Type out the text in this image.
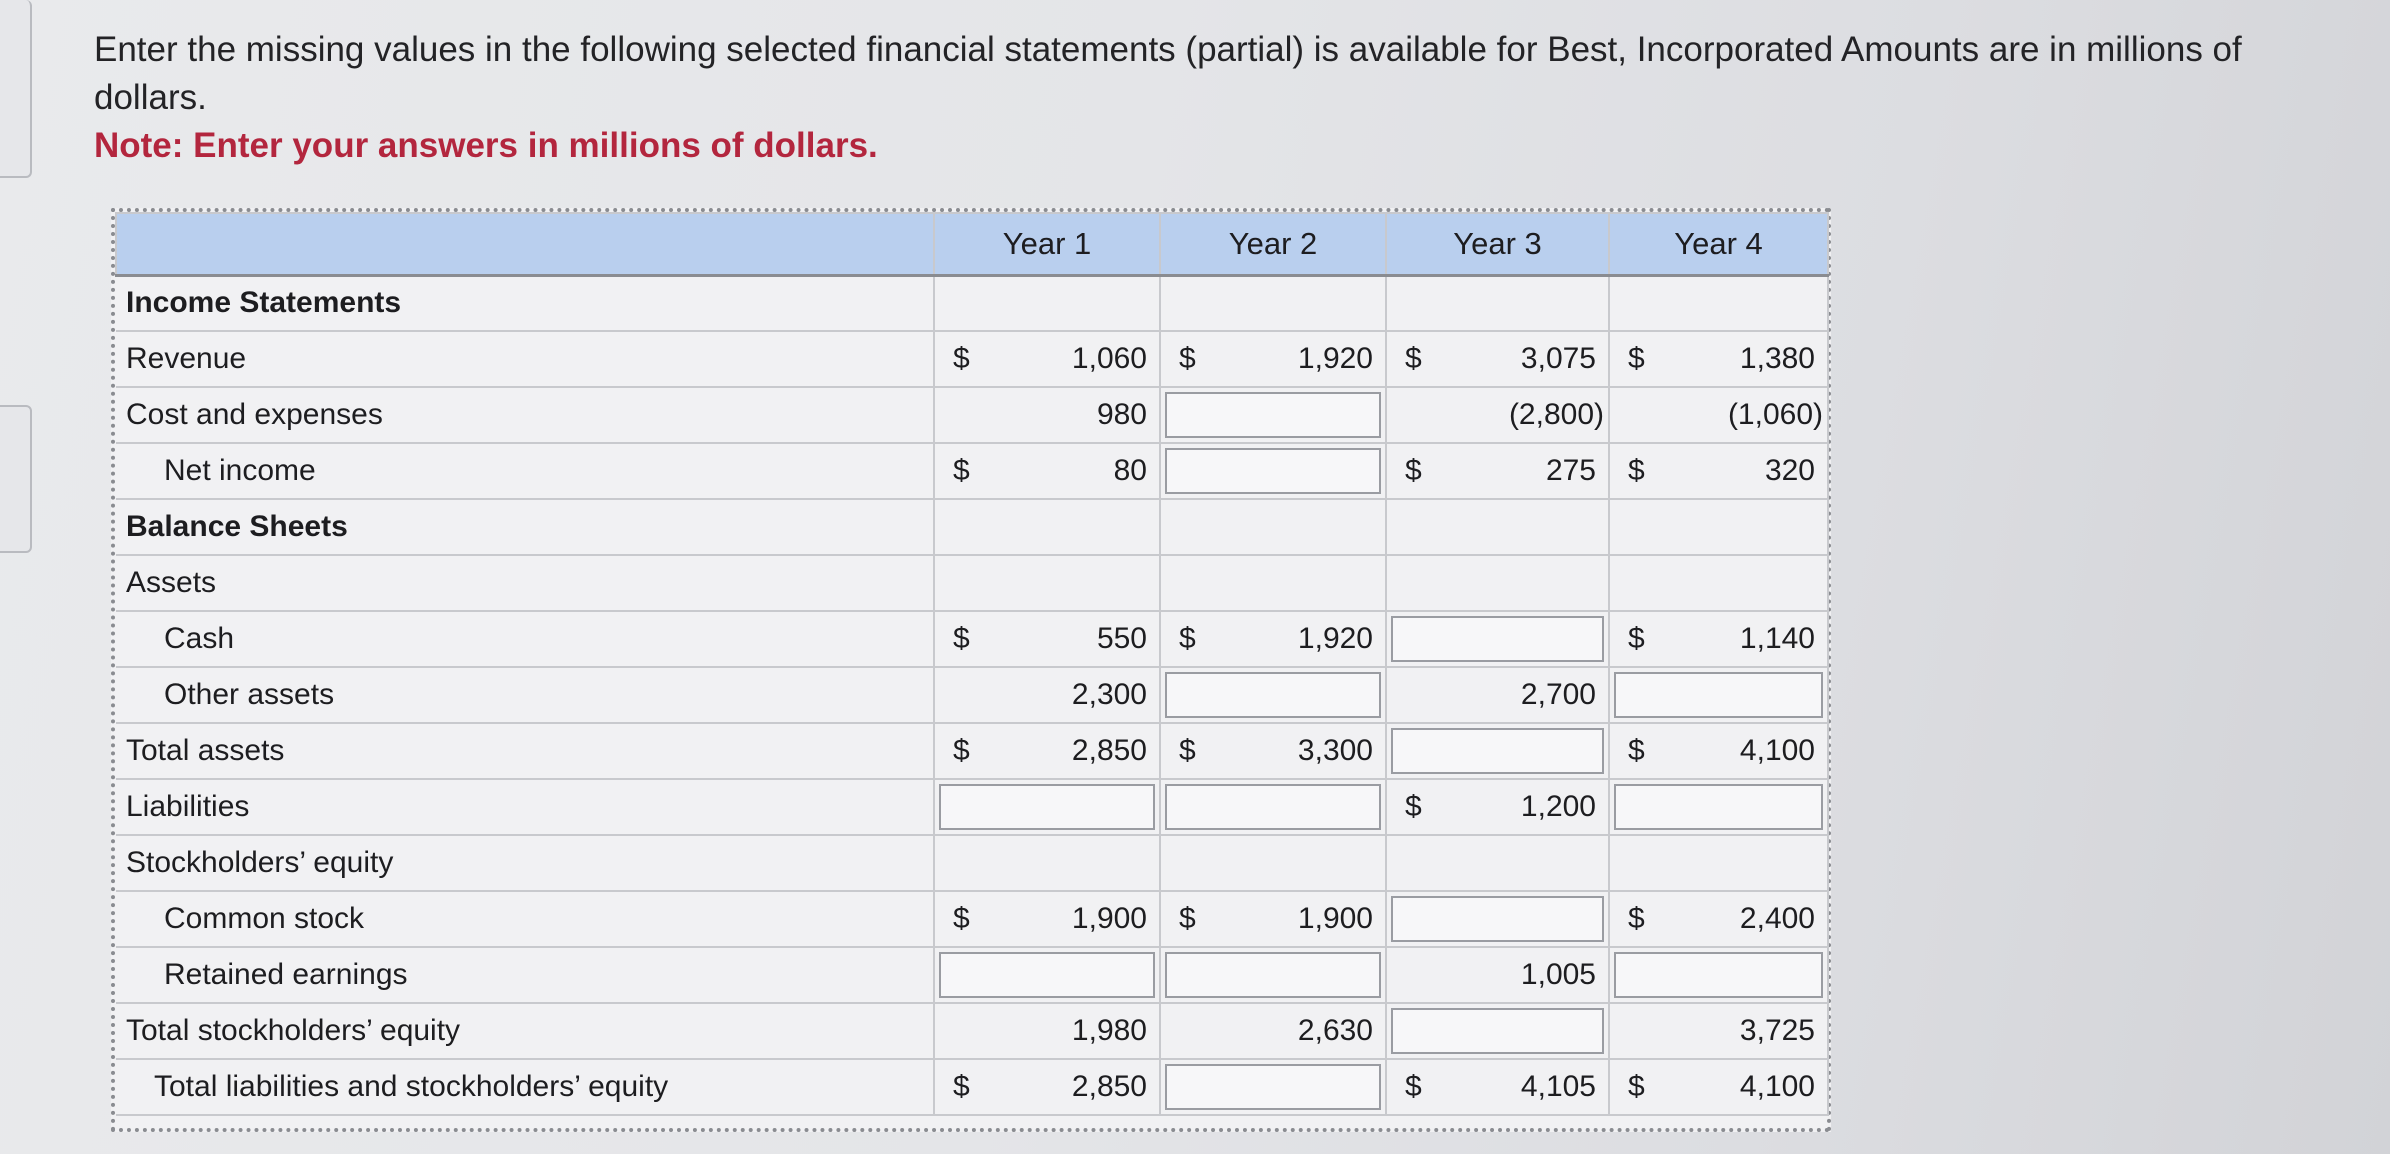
Enter the missing values in the following selected financial statements (partial) is available for Best, Incorporated Amounts are in millions of dollars.

Note: Enter your answers in millions of dollars.

	Year 1	Year 2	Year 3	Year 4
Income Statements				
Revenue	$ 1,060	$ 1,920	$ 3,075	$ 1,380
Cost and expenses	980		(2,800)	(1,060)
Net income	$ 80		$ 275	$ 320
Balance Sheets				
Assets				
Cash	$ 550	$ 1,920		$ 1,140
Other assets	2,300		2,700	
Total assets	$ 2,850	$ 3,300		$ 4,100
Liabilities			$ 1,200	
Stockholders’ equity				
Common stock	$ 1,900	$ 1,900		$ 2,400
Retained earnings			1,005	
Total stockholders’ equity	1,980	2,630		3,725
Total liabilities and stockholders’ equity	$ 2,850		$ 4,105	$ 4,100
